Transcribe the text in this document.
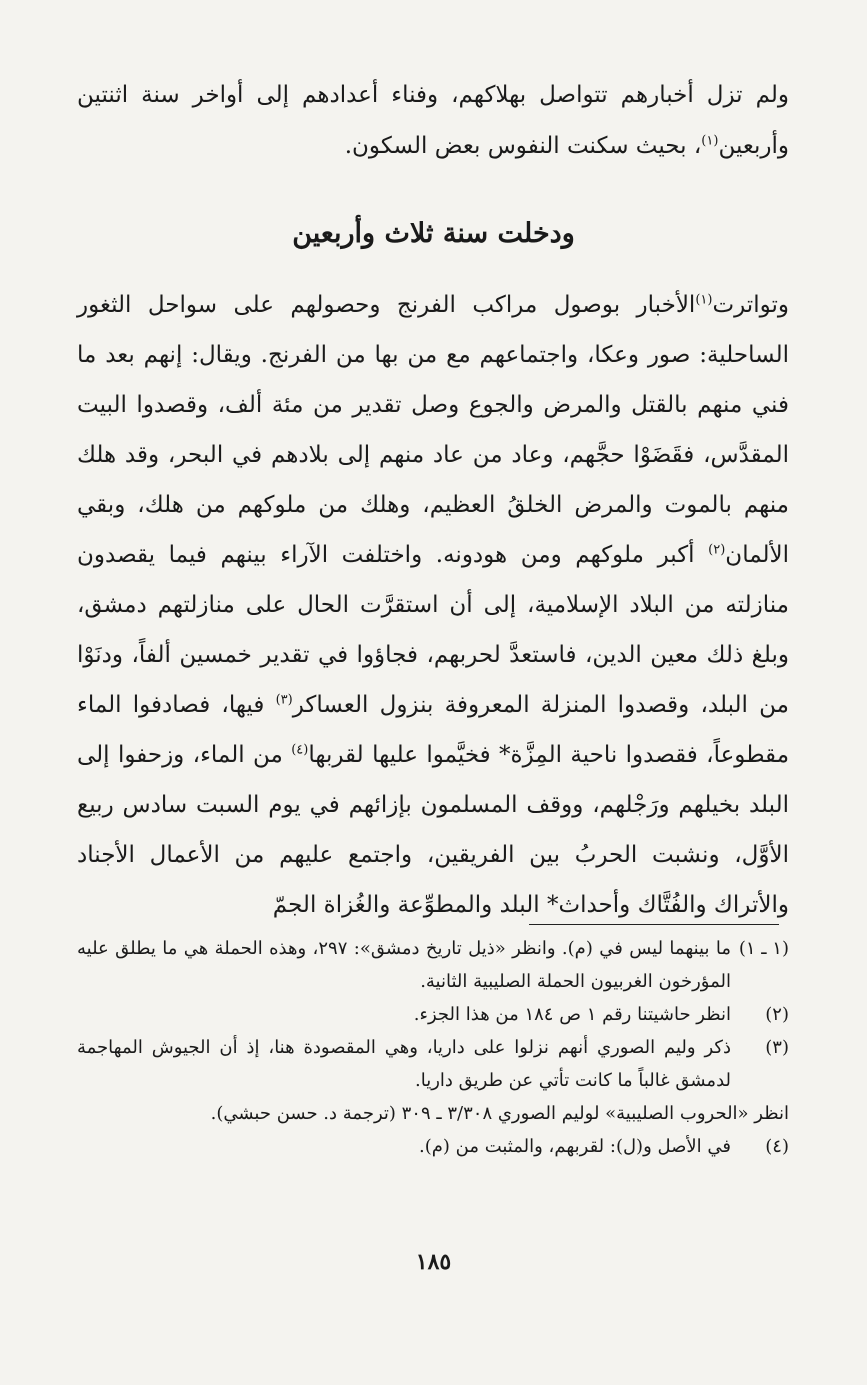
ولم تزل أخبارهم تتواصل بهلاكهم، وفناء أعدادهم إلى أواخر سنة اثنتين وأربعين$^{(١)}$، بحيث سكنت النفوس بعض السكون.

ودخلت سنة ثلاث وأربعين

وتواترت$^{(١)}$الأخبار بوصول مراكب الفرنج وحصولهم على سواحل الثغور الساحلية: صور وعكا، واجتماعهم مع من بها من الفرنج. ويقال: إنهم بعد ما فني منهم بالقتل والمرض والجوع وصل تقدير من مئة ألف، وقصدوا البيت المقدَّس، فقَضَوْا حجَّهم، وعاد من عاد منهم إلى بلادهم في البحر، وقد هلك منهم بالموت والمرض الخلقُ العظيم، وهلك من ملوكهم من هلك، وبقي الألمان$^{(٢)}$ أكبر ملوكهم ومن هودونه. واختلفت الآراء بينهم فيما يقصدون منازلته من البلاد الإسلامية، إلى أن استقرَّت الحال على منازلتهم دمشق، وبلغ ذلك معين الدين، فاستعدَّ لحربهم، فجاؤوا في تقدير خمسين ألفاً، ودنَوْا من البلد، وقصدوا المنزلة المعروفة بنزول العساكر$^{(٣)}$ فيها، فصادفوا الماء مقطوعاً، فقصدوا ناحية المِزَّة* فخيَّموا عليها لقربها$^{(٤)}$ من الماء، وزحفوا إلى البلد بخيلهم ورَجْلهم، ووقف المسلمون بإزائهم في يوم السبت سادس ربيع الأوَّل، ونشبت الحربُ بين الفريقين، واجتمع عليهم من الأعمال الأجناد والأتراك والفُتَّاك وأحداث* البلد والمطوِّعة والغُزاة الجمّ

(١ ـ ١)
ما بينهما ليس في (م). وانظر «ذيل تاريخ دمشق»: ٢٩٧، وهذه الحملة هي ما يطلق عليه المؤرخون الغربيون الحملة الصليبية الثانية.
(٢)
انظر حاشيتنا رقم ١ ص ١٨٤ من هذا الجزء.
(٣)
ذكر وليم الصوري أنهم نزلوا على داريا، وهي المقصودة هنا، إذ أن الجيوش المهاجمة لدمشق غالباً ما كانت تأتي عن طريق داريا.
انظر «الحروب الصليبية» لوليم الصوري ٣/٣٠٨ ـ ٣٠٩ (ترجمة د. حسن حبشي).
(٤)
في الأصل و(ل): لقربهم، والمثبت من (م).
١٨٥
